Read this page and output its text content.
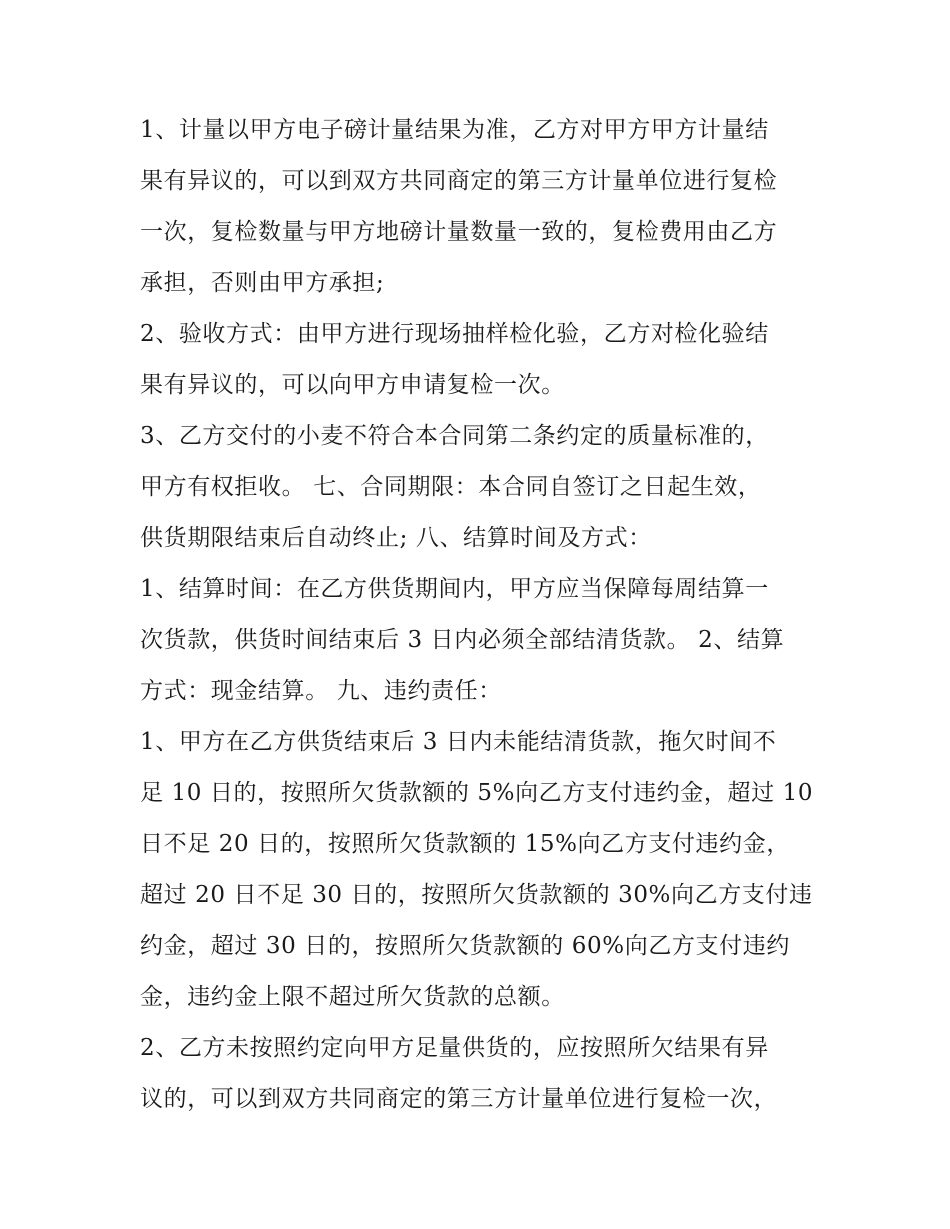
1、计量以甲方电子磅计量结果为准，乙方对甲方甲方计量结
果有异议的，可以到双方共同商定的第三方计量单位进行复检
一次，复检数量与甲方地磅计量数量一致的，复检费用由乙方
承担，否则由甲方承担;
2、验收方式：由甲方进行现场抽样检化验，乙方对检化验结
果有异议的，可以向甲方申请复检一次。
3、乙方交付的小麦不符合本合同第二条约定的质量标准的，
甲方有权拒收。 七、合同期限：本合同自签订之日起生效，
供货期限结束后自动终止; 八、结算时间及方式：
1、结算时间：在乙方供货期间内，甲方应当保障每周结算一
次货款，供货时间结束后 3 日内必须全部结清货款。 2、结算
方式：现金结算。 九、违约责任：
1、甲方在乙方供货结束后 3 日内未能结清货款，拖欠时间不
足 10 日的，按照所欠货款额的 5%向乙方支付违约金，超过 10
日不足 20 日的，按照所欠货款额的 15%向乙方支付违约金，
超过 20 日不足 30 日的，按照所欠货款额的 30%向乙方支付违
约金，超过 30 日的，按照所欠货款额的 60%向乙方支付违约
金，违约金上限不超过所欠货款的总额。
2、乙方未按照约定向甲方足量供货的，应按照所欠结果有异
议的，可以到双方共同商定的第三方计量单位进行复检一次，
